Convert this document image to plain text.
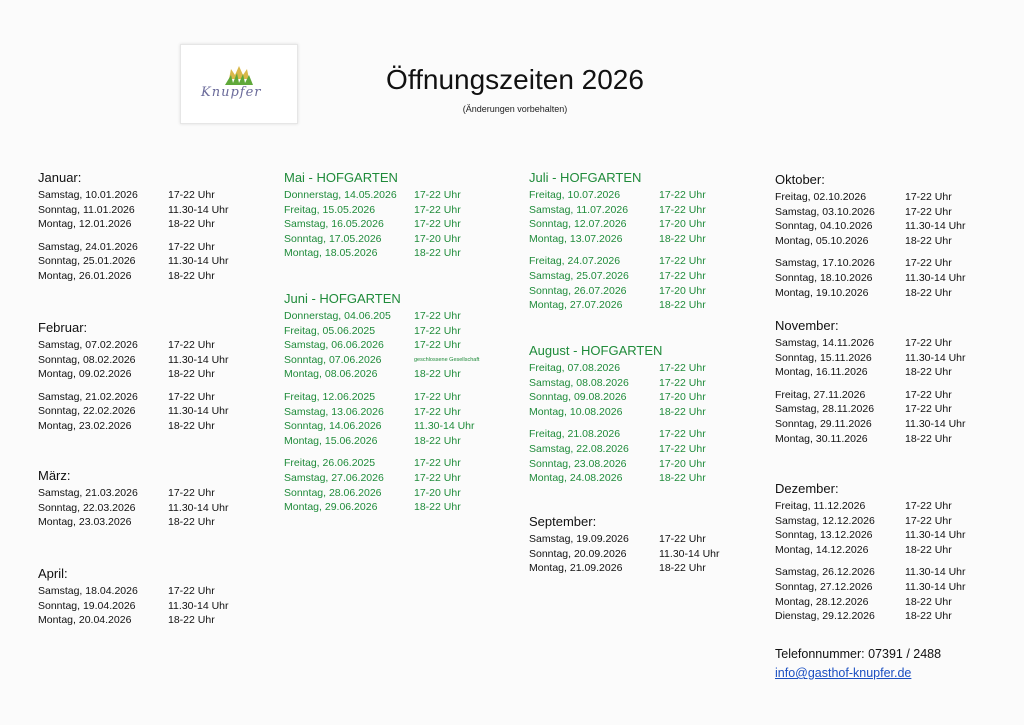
Knupfer	Öffnungszeiten 2026
(Änderungen vorbehalten)
Januar:
Samstag, 10.01.2026	17-22 Uhr
Sonntag, 11.01.2026	11.30-14 Uhr
Montag, 12.01.2026	18-22 Uhr
Samstag, 24.01.2026	17-22 Uhr
Sonntag, 25.01.2026	11.30-14 Uhr
Montag, 26.01.2026	18-22 Uhr
Februar:
Samstag, 07.02.2026	17-22 Uhr
Sonntag, 08.02.2026	11.30-14 Uhr
Montag, 09.02.2026	18-22 Uhr
Samstag, 21.02.2026	17-22 Uhr
Sonntag, 22.02.2026	11.30-14 Uhr
Montag, 23.02.2026	18-22 Uhr
März:
Samstag, 21.03.2026	17-22 Uhr
Sonntag, 22.03.2026	11.30-14 Uhr
Montag, 23.03.2026	18-22 Uhr
April:
Samstag, 18.04.2026	17-22 Uhr
Sonntag, 19.04.2026	11.30-14 Uhr
Montag, 20.04.2026	18-22 Uhr
Mai - HOFGARTEN
Donnerstag, 14.05.2026 17-22 Uhr
Freitag, 15.05.2026	17-22 Uhr
Samstag, 16.05.2026	17-22 Uhr
Sonntag, 17.05.2026	17-20 Uhr
Montag, 18.05.2026	18-22 Uhr
Juni - HOFGARTEN
Donnerstag, 04.06.205 17-22 Uhr
Freitag, 05.06.2025	17-22 Uhr
Samstag, 06.06.2026	17-22 Uhr
Sonntag, 07.06.2026	geschlossene Gesellschaft
Montag, 08.06.2026	18-22 Uhr
Freitag, 12.06.2025	17-22 Uhr
Samstag, 13.06.2026	17-22 Uhr
Sonntag, 14.06.2026	11.30-14 Uhr
Montag, 15.06.2026	18-22 Uhr
Freitag, 26.06.2025	17-22 Uhr
Samstag, 27.06.2026	17-22 Uhr
Sonntag, 28.06.2026	17-20 Uhr
Montag, 29.06.2026	18-22 Uhr
Juli - HOFGARTEN
Freitag, 10.07.2026	17-22 Uhr
Samstag, 11.07.2026	17-22 Uhr
Sonntag, 12.07.2026	17-20 Uhr
Montag, 13.07.2026	18-22 Uhr
Freitag, 24.07.2026	17-22 Uhr
Samstag, 25.07.2026	17-22 Uhr
Sonntag, 26.07.2026	17-20 Uhr
Montag, 27.07.2026	18-22 Uhr
August - HOFGARTEN
Freitag, 07.08.2026	17-22 Uhr
Samstag, 08.08.2026	17-22 Uhr
Sonntag, 09.08.2026	17-20 Uhr
Montag, 10.08.2026	18-22 Uhr
Freitag, 21.08.2026	17-22 Uhr
Samstag, 22.08.2026	17-22 Uhr
Sonntag, 23.08.2026	17-20 Uhr
Montag, 24.08.2026	18-22 Uhr
September:
Samstag, 19.09.2026	17-22 Uhr
Sonntag, 20.09.2026	11.30-14 Uhr
Montag, 21.09.2026	18-22 Uhr
Oktober:
Freitag, 02.10.2026	17-22 Uhr
Samstag, 03.10.2026	17-22 Uhr
Sonntag, 04.10.2026	11.30-14 Uhr
Montag, 05.10.2026	18-22 Uhr
Samstag, 17.10.2026	17-22 Uhr
Sonntag, 18.10.2026	11.30-14 Uhr
Montag, 19.10.2026	18-22 Uhr
November:
Samstag, 14.11.2026	17-22 Uhr
Sonntag, 15.11.2026	11.30-14 Uhr
Montag, 16.11.2026	18-22 Uhr
Freitag, 27.11.2026	17-22 Uhr
Samstag, 28.11.2026	17-22 Uhr
Sonntag, 29.11.2026	11.30-14 Uhr
Montag, 30.11.2026	18-22 Uhr
Dezember:
Freitag, 11.12.2026	17-22 Uhr
Samstag, 12.12.2026	17-22 Uhr
Sonntag, 13.12.2026	11.30-14 Uhr
Montag, 14.12.2026	18-22 Uhr
Samstag, 26.12.2026	11.30-14 Uhr
Sonntag, 27.12.2026	11.30-14 Uhr
Montag, 28.12.2026	18-22 Uhr
Dienstag, 29.12.2026	18-22 Uhr
Telefonnummer: 07391 / 2488
info@gasthof-knupfer.de
